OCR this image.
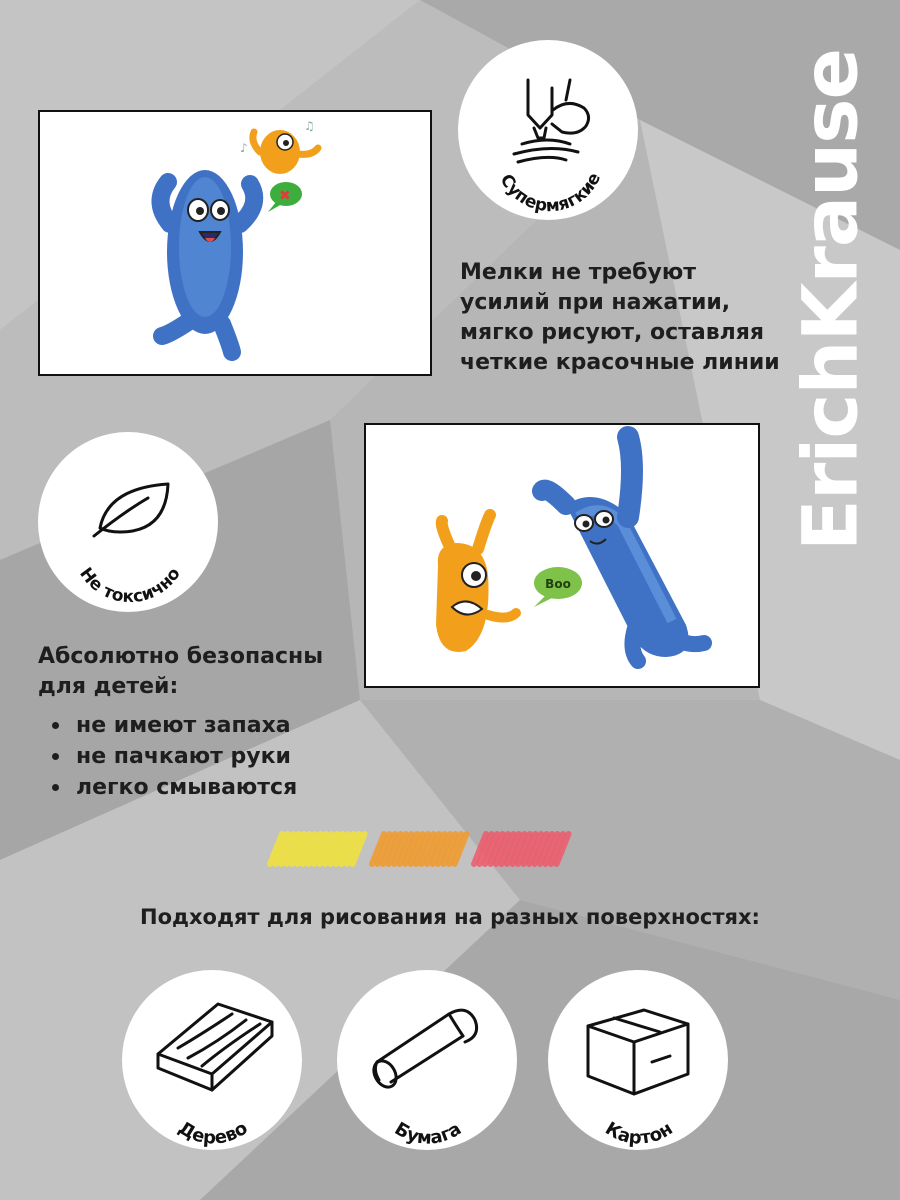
ErichKrause
♪
♫
✖
Супермягкие
Мелки не требуют
усилий при нажатии,
мягко рисуют, оставляя
четкие красочные линии
Не токсично	Boo
Абсолютно безопасны
для детей:
не имеют запаха
не пачкают руки
легко смываются
Подходят для рисования на разных поверхностях:
Дерево	Бумага	Картон
